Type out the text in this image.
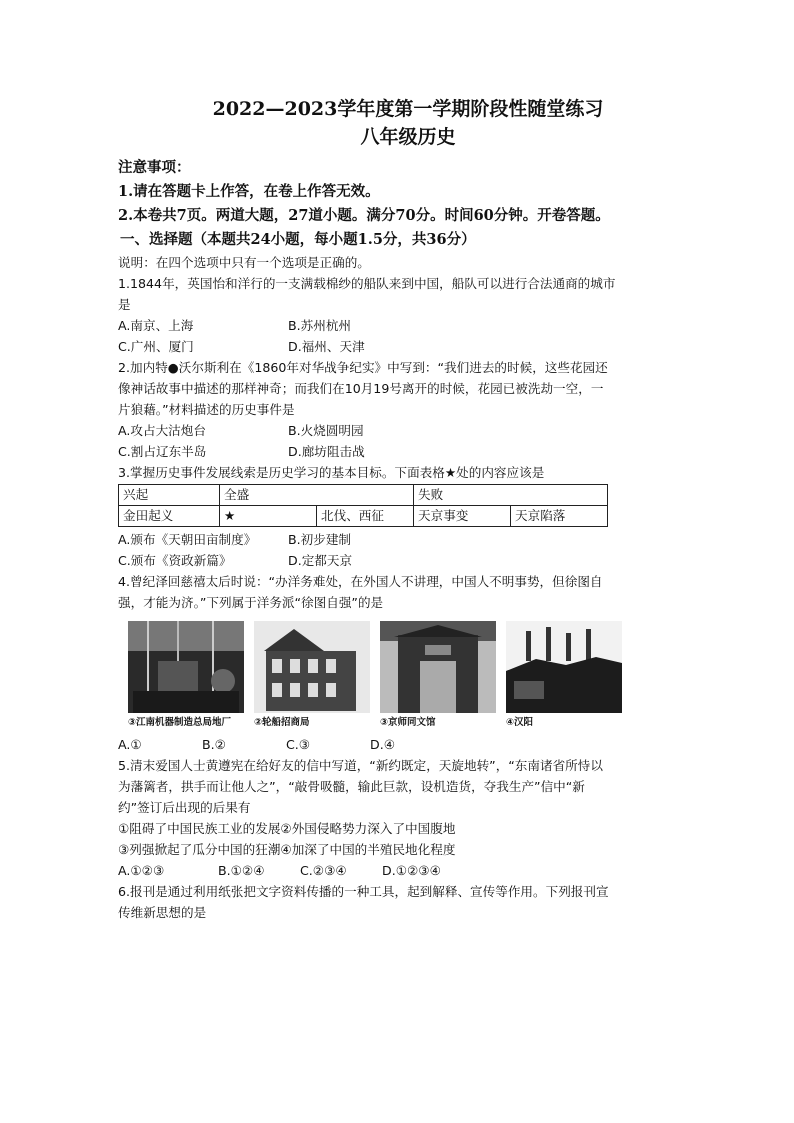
2022—2023学年度第一学期阶段性随堂练习
八年级历史
注意事项：
1.请在答题卡上作答，在卷上作答无效。
2.本卷共7页。两道大题，27道小题。满分70分。时间60分钟。开卷答题。
一、选择题（本题共24小题，每小题1.5分，共36分）
说明：在四个选项中只有一个选项是正确的。
1.1844年，英国怡和洋行的一支满载棉纱的船队来到中国，船队可以进行合法通商的城市
是
A.南京、上海	B.苏州杭州
C.广州、厦门	D.福州、天津
2.加内特●沃尔斯利在《1860年对华战争纪实》中写到：“我们进去的时候，这些花园还
像神话故事中描述的那样神奇；而我们在10月19号离开的时候，花园已被洗劫一空，一
片狼藉。”材料描述的历史事件是
A.攻占大沽炮台	B.火烧圆明园
C.割占辽东半岛	D.廊坊阻击战
3.掌握历史事件发展线索是历史学习的基本目标。下面表格★处的内容应该是
兴起	全盛		失败	
金田起义	★	北伐、西征	天京事变	天京陷落
A.颁布《天朝田亩制度》	B.初步建制
C.颁布《资政新篇》	D.定都天京
4.曾纪泽回慈禧太后时说：“办洋务难处，在外国人不讲理，中国人不明事势，但徐图自
强，才能为济。”下列属于洋务派“徐图自强”的是
③江南机器制造总局地厂	②轮船招商局	③京师同文馆	④汉阳
A.①	B.②	C.③	D.④
5.清末爱国人士黄遵宪在给好友的信中写道，“新约既定，天旋地转”，“东南诸省所恃以
为藩篱者，拱手而让他人之”，“敲骨吸髓，输此巨款，设机造货，夺我生产”信中“新
约”签订后出现的后果有
①阻碍了中国民族工业的发展②外国侵略势力深入了中国腹地
③列强掀起了瓜分中国的狂潮④加深了中国的半殖民地化程度
A.①②③	B.①②④	C.②③④	D.①②③④
6.报刊是通过利用纸张把文字资料传播的一种工具，起到解释、宣传等作用。下列报刊宣
传维新思想的是
